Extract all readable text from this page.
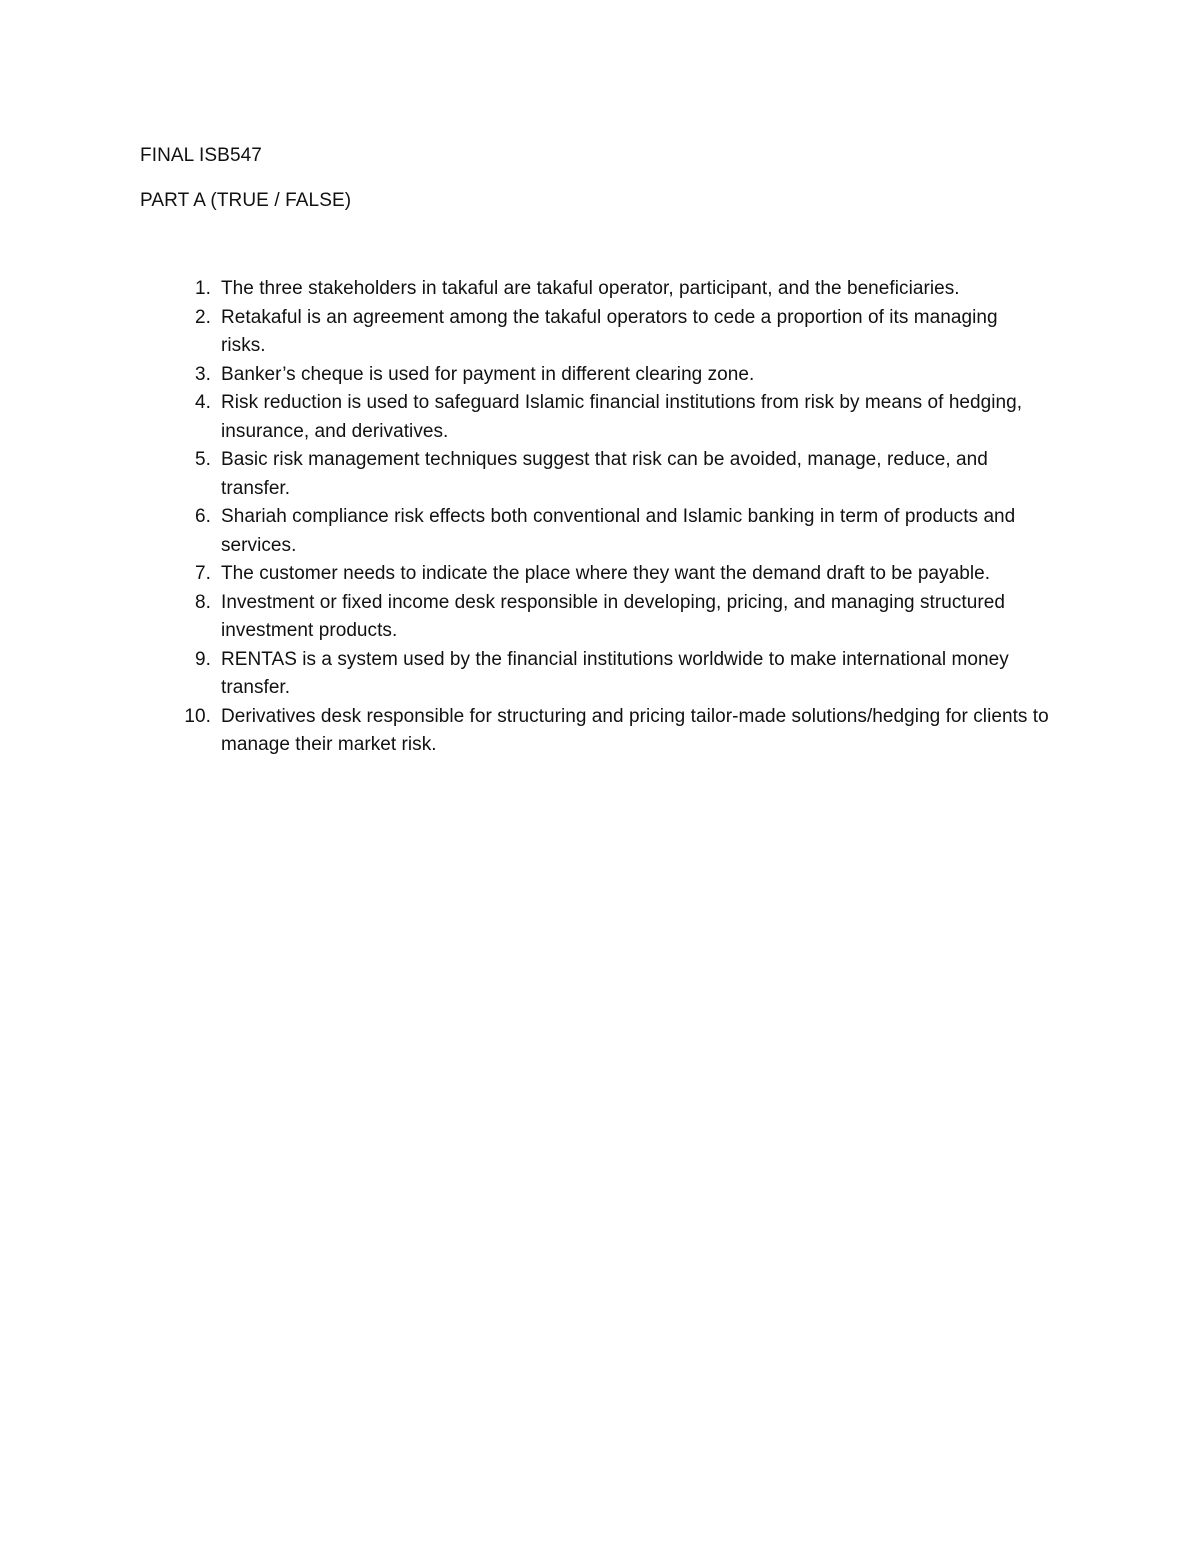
FINAL ISB547
PART A (TRUE / FALSE)
1. The three stakeholders in takaful are takaful operator, participant, and the beneficiaries.
2. Retakaful is an agreement among the takaful operators to cede a proportion of its managing risks.
3. Banker’s cheque is used for payment in different clearing zone.
4. Risk reduction is used to safeguard Islamic financial institutions from risk by means of hedging, insurance, and derivatives.
5. Basic risk management techniques suggest that risk can be avoided, manage, reduce, and transfer.
6. Shariah compliance risk effects both conventional and Islamic banking in term of products and services.
7. The customer needs to indicate the place where they want the demand draft to be payable.
8. Investment or fixed income desk responsible in developing, pricing, and managing structured investment products.
9. RENTAS is a system used by the financial institutions worldwide to make international money transfer.
10. Derivatives desk responsible for structuring and pricing tailor-made solutions/hedging for clients to manage their market risk.
